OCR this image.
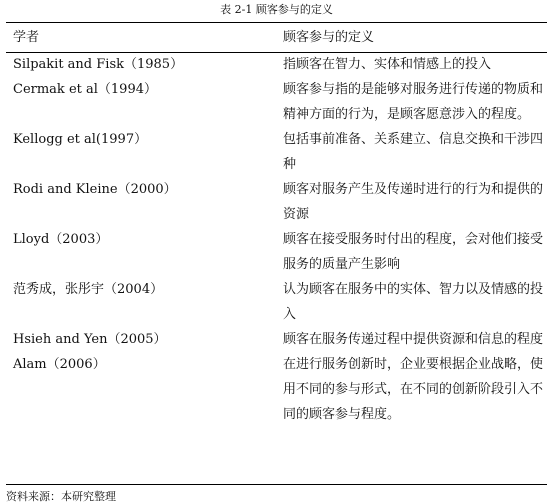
表 2-1 顾客参与的定义
学者	顾客参与的定义
Silpakit and Fisk（1985）	指顾客在智力、实体和情感上的投入
Cermak et al（1994）	顾客参与指的是能够对服务进行传递的物质和精神方面的行为，是顾客愿意涉入的程度。
Kellogg et al(1997）	包括事前准备、关系建立、信息交换和干涉四种
Rodi and Kleine（2000）	顾客对服务产生及传递时进行的行为和提供的资源
Lloyd（2003）	顾客在接受服务时付出的程度，会对他们接受服务的质量产生影响
范秀成，张彤宇（2004）	认为顾客在服务中的实体、智力以及情感的投入
Hsieh and Yen（2005）	顾客在服务传递过程中提供资源和信息的程度
Alam（2006）	在进行服务创新时，企业要根据企业战略，使用不同的参与形式，在不同的创新阶段引入不同的顾客参与程度。
资料来源：本研究整理
